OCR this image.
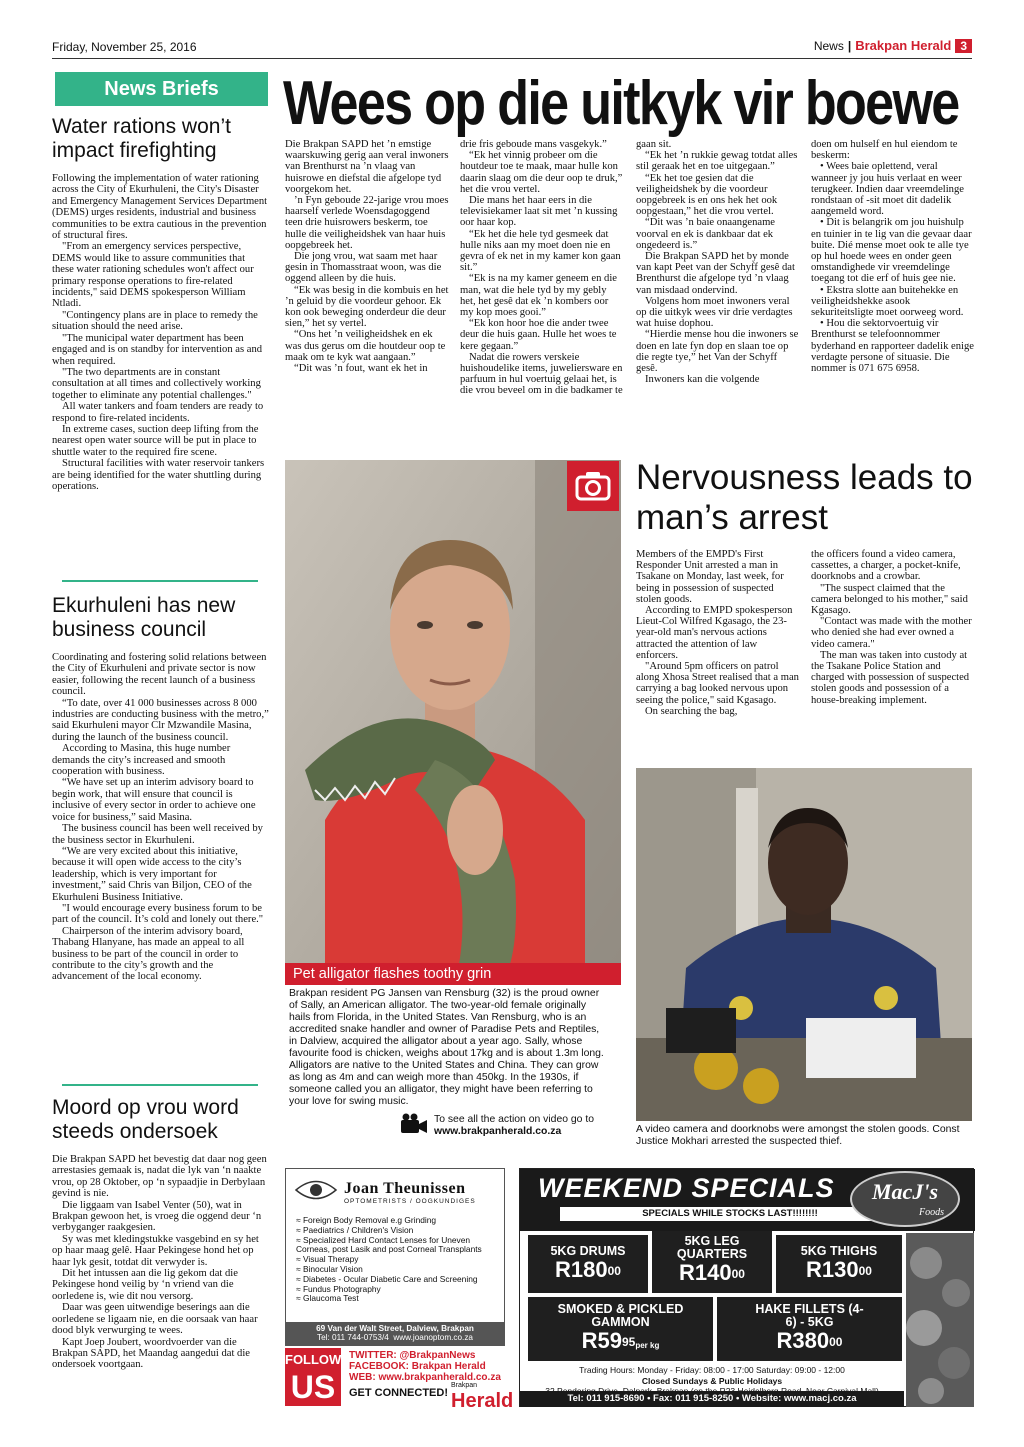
Friday, November 25, 2016	News | Brakpan Herald 3
News Briefs
Water rations won’t impact firefighting

Following the implementation of water rationing across the City of Ekurhuleni, the City's Disaster and Emergency Management Services Department (DEMS) urges residents, industrial and business communities to be extra cautious in the prevention of structural fires.

"From an emergency services perspective, DEMS would like to assure communities that these water rationing schedules won't affect our primary response operations to fire-related incidents," said DEMS spokesperson William Ntladi.

"Contingency plans are in place to remedy the situation should the need arise.

"The municipal water department has been engaged and is on standby for intervention as and when required.

"The two departments are in constant consultation at all times and collectively working together to eliminate any potential challenges."

All water tankers and foam tenders are ready to respond to fire-related incidents.

In extreme cases, suction deep lifting from the nearest open water source will be put in place to shuttle water to the required fire scene.

Structural facilities with water reservoir tankers are being identified for the water shuttling during operations.

Ekurhuleni has new business council

Coordinating and fostering solid relations between the City of Ekurhuleni and private sector is now easier, following the recent launch of a business council.

“To date, over 41 000 businesses across 8 000 industries are conducting business with the metro,” said Ekurhuleni mayor Clr Mzwandile Masina, during the launch of the business council.

According to Masina, this huge number demands the city’s increased and smooth cooperation with business.

“We have set up an interim advisory board to begin work, that will ensure that council is inclusive of every sector in order to achieve one voice for business,” said Masina.

The business council has been well received by the business sector in Ekurhuleni.

“We are very excited about this initiative, because it will open wide access to the city’s leadership, which is very important for investment,” said Chris van Biljon, CEO of the Ekurhuleni Business Initiative.

"I would encourage every business forum to be part of the council. It’s cold and lonely out there."

Chairperson of the interim advisory board, Thabang Hlanyane, has made an appeal to all business to be part of the council in order to contribute to the city’s growth and the advancement of the local economy.

Moord op vrou word steeds ondersoek

Die Brakpan SAPD het bevestig dat daar nog geen arrestasies gemaak is, nadat die lyk van ‘n naakte vrou, op 28 Oktober, op ‘n sypaadjie in Derbylaan gevind is nie.

Die liggaam van Isabel Venter (50), wat in Brakpan gewoon het, is vroeg die oggend deur ‘n verbyganger raakgesien.

Sy was met kledingstukke vasgebind en sy het op haar maag gelê. Haar Pekingese hond het op haar lyk gesit, totdat dit verwyder is.

Dit het intussen aan die lig gekom dat die Pekingese hond veilig by ‘n vriend van die oorledene is, wie dit nou versorg.

Daar was geen uitwendige beserings aan die oorledene se ligaam nie, en die oorsaak van haar dood blyk verwurging te wees.

Kapt Joep Joubert, woordvoerder van die Brakpan SAPD, het Maandag aangedui dat die ondersoek voortgaan.

Wees op die uitkyk vir boewe

Die Brakpan SAPD het ’n emstige waarskuwing gerig aan veral inwoners van Brenthurst na ’n vlaag van huisrowe en diefstal die afgelope tyd voorgekom het.

’n Fyn geboude 22-jarige vrou moes haarself verlede Woensdagoggend teen drie huisrowers beskerm, toe hulle die veiligheidshek van haar huis oopgebreek het.

Die jong vrou, wat saam met haar gesin in Thomasstraat woon, was die oggend alleen by die huis.

“Ek was besig in die kombuis en het ’n geluid by die voordeur gehoor. Ek kon ook beweging onderdeur die deur sien,” het sy vertel.

“Ons het ’n veiligheidshek en ek was dus gerus om die houtdeur oop te maak om te kyk wat aangaan.”

“Dit was ’n fout, want ek het in

drie fris geboude mans vasgekyk.”

“Ek het vinnig probeer om die houtdeur toe te maak, maar hulle kon daarin slaag om die deur oop te druk,” het die vrou vertel.

Die mans het haar eers in die televisiekamer laat sit met ’n kussing oor haar kop.

“Ek het die hele tyd gesmeek dat hulle niks aan my moet doen nie en gevra of ek net in my kamer kon gaan sit.”

“Ek is na my kamer geneem en die man, wat die hele tyd by my gebly het, het gesê dat ek ’n kombers oor my kop moes gooi.”

“Ek kon hoor hoe die ander twee deur die huis gaan. Hulle het woes te kere gegaan.”

Nadat die rowers verskeie huishoudelike items, juweliersware en parfuum in hul voertuig gelaai het, is die vrou beveel om in die badkamer te

gaan sit.

“Ek het ’n rukkie gewag totdat alles stil geraak het en toe uitgegaan.”

“Ek het toe gesien dat die veiligheidshek by die voordeur oopgebreek is en ons hek het ook oopgestaan,” het die vrou vertel.

“Dit was ’n baie onaangename voorval en ek is dankbaar dat ek ongedeerd is.”

Die Brakpan SAPD het by monde van kapt Peet van der Schyff gesê dat Brenthurst die afgelope tyd ’n vlaag van misdaad ondervind.

Volgens hom moet inwoners veral op die uitkyk wees vir drie verdagtes wat huise dophou.

“Hierdie mense hou die inwoners se doen en late fyn dop en slaan toe op die regte tye,” het Van der Schyff gesê.

Inwoners kan die volgende

doen om hulself en hul eiendom te beskerm:

• Wees baie oplettend, veral wanneer jy jou huis verlaat en weer terugkeer. Indien daar vreemdelinge rondstaan of -sit moet dit dadelik aangemeld word.

• Dit is belangrik om jou huishulp en tuinier in te lig van die gevaar daar buite. Dié mense moet ook te alle tye op hul hoede wees en onder geen omstandighede vir vreemdelinge toegang tot die erf of huis gee nie.

• Ekstra slotte aan buitehekke en veiligheidshekke asook sekuriteitsligte moet oorweeg word.

• Hou die sektorvoertuig vir Brenthurst se telefoonnommer byderhand en rapporteer dadelik enige verdagte persone of situasie. Die nommer is 071 675 6958.

Pet alligator flashes toothy grin
Brakpan resident PG Jansen van Rensburg (32) is the proud owner of Sally, an American alligator. The two-year-old female originally hails from Florida, in the United States. Van Rensburg, who is an accredited snake handler and owner of Paradise Pets and Reptiles, in Dalview, acquired the alligator about a year ago. Sally, whose favourite food is chicken, weighs about 17kg and is about 1.3m long. Alligators are native to the United States and China. They can grow as long as 4m and can weigh more than 450kg. In the 1930s, if someone called you an alligator, they might have been referring to your love for swing music.
To see all the action on video go to
www.brakpanherald.co.za
Nervousness leads to man’s arrest

Members of the EMPD's First Responder Unit arrested a man in Tsakane on Monday, last week, for being in possession of suspected stolen goods.

According to EMPD spokesperson Lieut-Col Wilfred Kgasago, the 23-year-old man's nervous actions attracted the attention of law enforcers.

"Around 5pm officers on patrol along Xhosa Street realised that a man carrying a bag looked nervous upon seeing the police," said Kgasago.

On searching the bag,

the officers found a video camera, cassettes, a charger, a pocket-knife, doorknobs and a crowbar.

"The suspect claimed that the camera belonged to his mother," said Kgasago.

"Contact was made with the mother who denied she had ever owned a video camera."

The man was taken into custody at the Tsakane Police Station and charged with possession of suspected stolen goods and possession of a house-breaking implement.

A video camera and doorknobs were amongst the stolen goods. Const Justice Mokhari arrested the suspected thief.
Joan Theunissen
OPTOMETRISTS / OOGKUNDIGES
≈ Foreign Body Removal e.g Grinding
≈ Paediatrics / Children's Vision
≈ Specialized Hard Contact Lenses for Uneven Corneas, post Lasik and post Corneal Transplants
≈ Visual Therapy
≈ Binocular Vision
≈ Diabetes - Ocular Diabetic Care and Screening
≈ Fundus Photography
≈ Glaucoma Test
69 Van der Walt Street, Dalview, Brakpan
Tel: 011 744-0753/4 www.joanoptom.co.za
FOLLOW
US
TWITTER: @BrakpanNews
FACEBOOK: Brakpan Herald
WEB: www.brakpanherald.co.za
GET CONNECTED!
Brakpan
Herald
WEEKEND SPECIALS
SPECIALS WHILE STOCKS LAST!!!!!!!!
MacJ's
Foods
5KG DRUMS
$R180^{00}$
5KG LEG QUARTERS
$R140^{00}$
5KG THIGHS
$R130^{00}$
SMOKED & PICKLED GAMMON
$R59^{95}per$ kg
HAKE FILLETS (4-6) - 5KG
$R380^{00}$
Trading Hours: Monday - Friday: 08:00 - 17:00 Saturday: 09:00 - 12:00
Closed Sundays & Public Holidays
Tel: 011 915-8690 • Fax: 011 915-8250 • Website: www.macj.co.za
